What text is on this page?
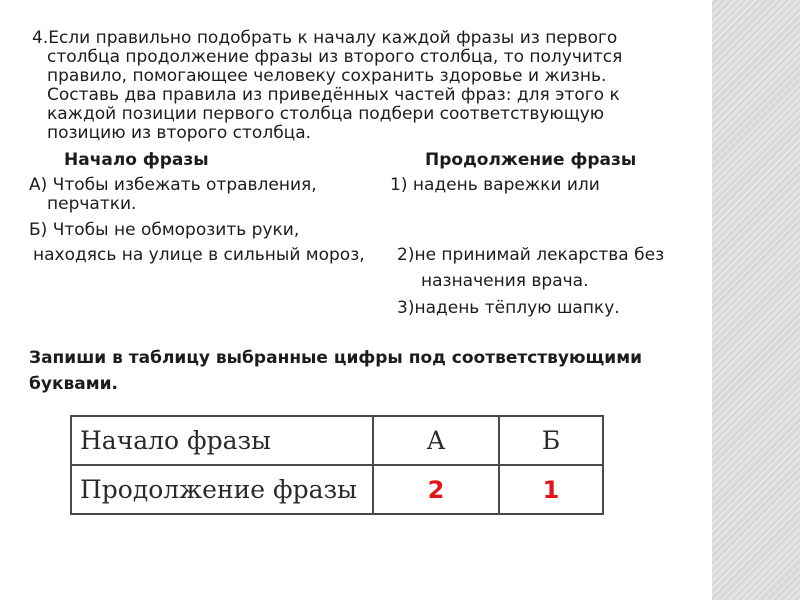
4.Если правильно подобрать к началу каждой фразы из первого
столбца продолжение фразы из второго столбца, то получится
правило, помогающее человеку сохранить здоровье и жизнь.
Составь два правила из приведённых частей фраз: для этого к
каждой позиции первого столбца подбери соответствующую
позицию из второго столбца.
Начало фразы	Продолжение фразы
А) Чтобы избежать отравления,	1) надень варежки или
перчатки.
Б) Чтобы не обморозить руки,
находясь на улице в сильный мороз, 2)не принимай лекарства без
назначения врача.
3)надень тёплую шапку.
Запиши в таблицу выбранные цифры под соответствующими
буквами.
Начало фразы	А	Б
Продолжение фразы	2	1
